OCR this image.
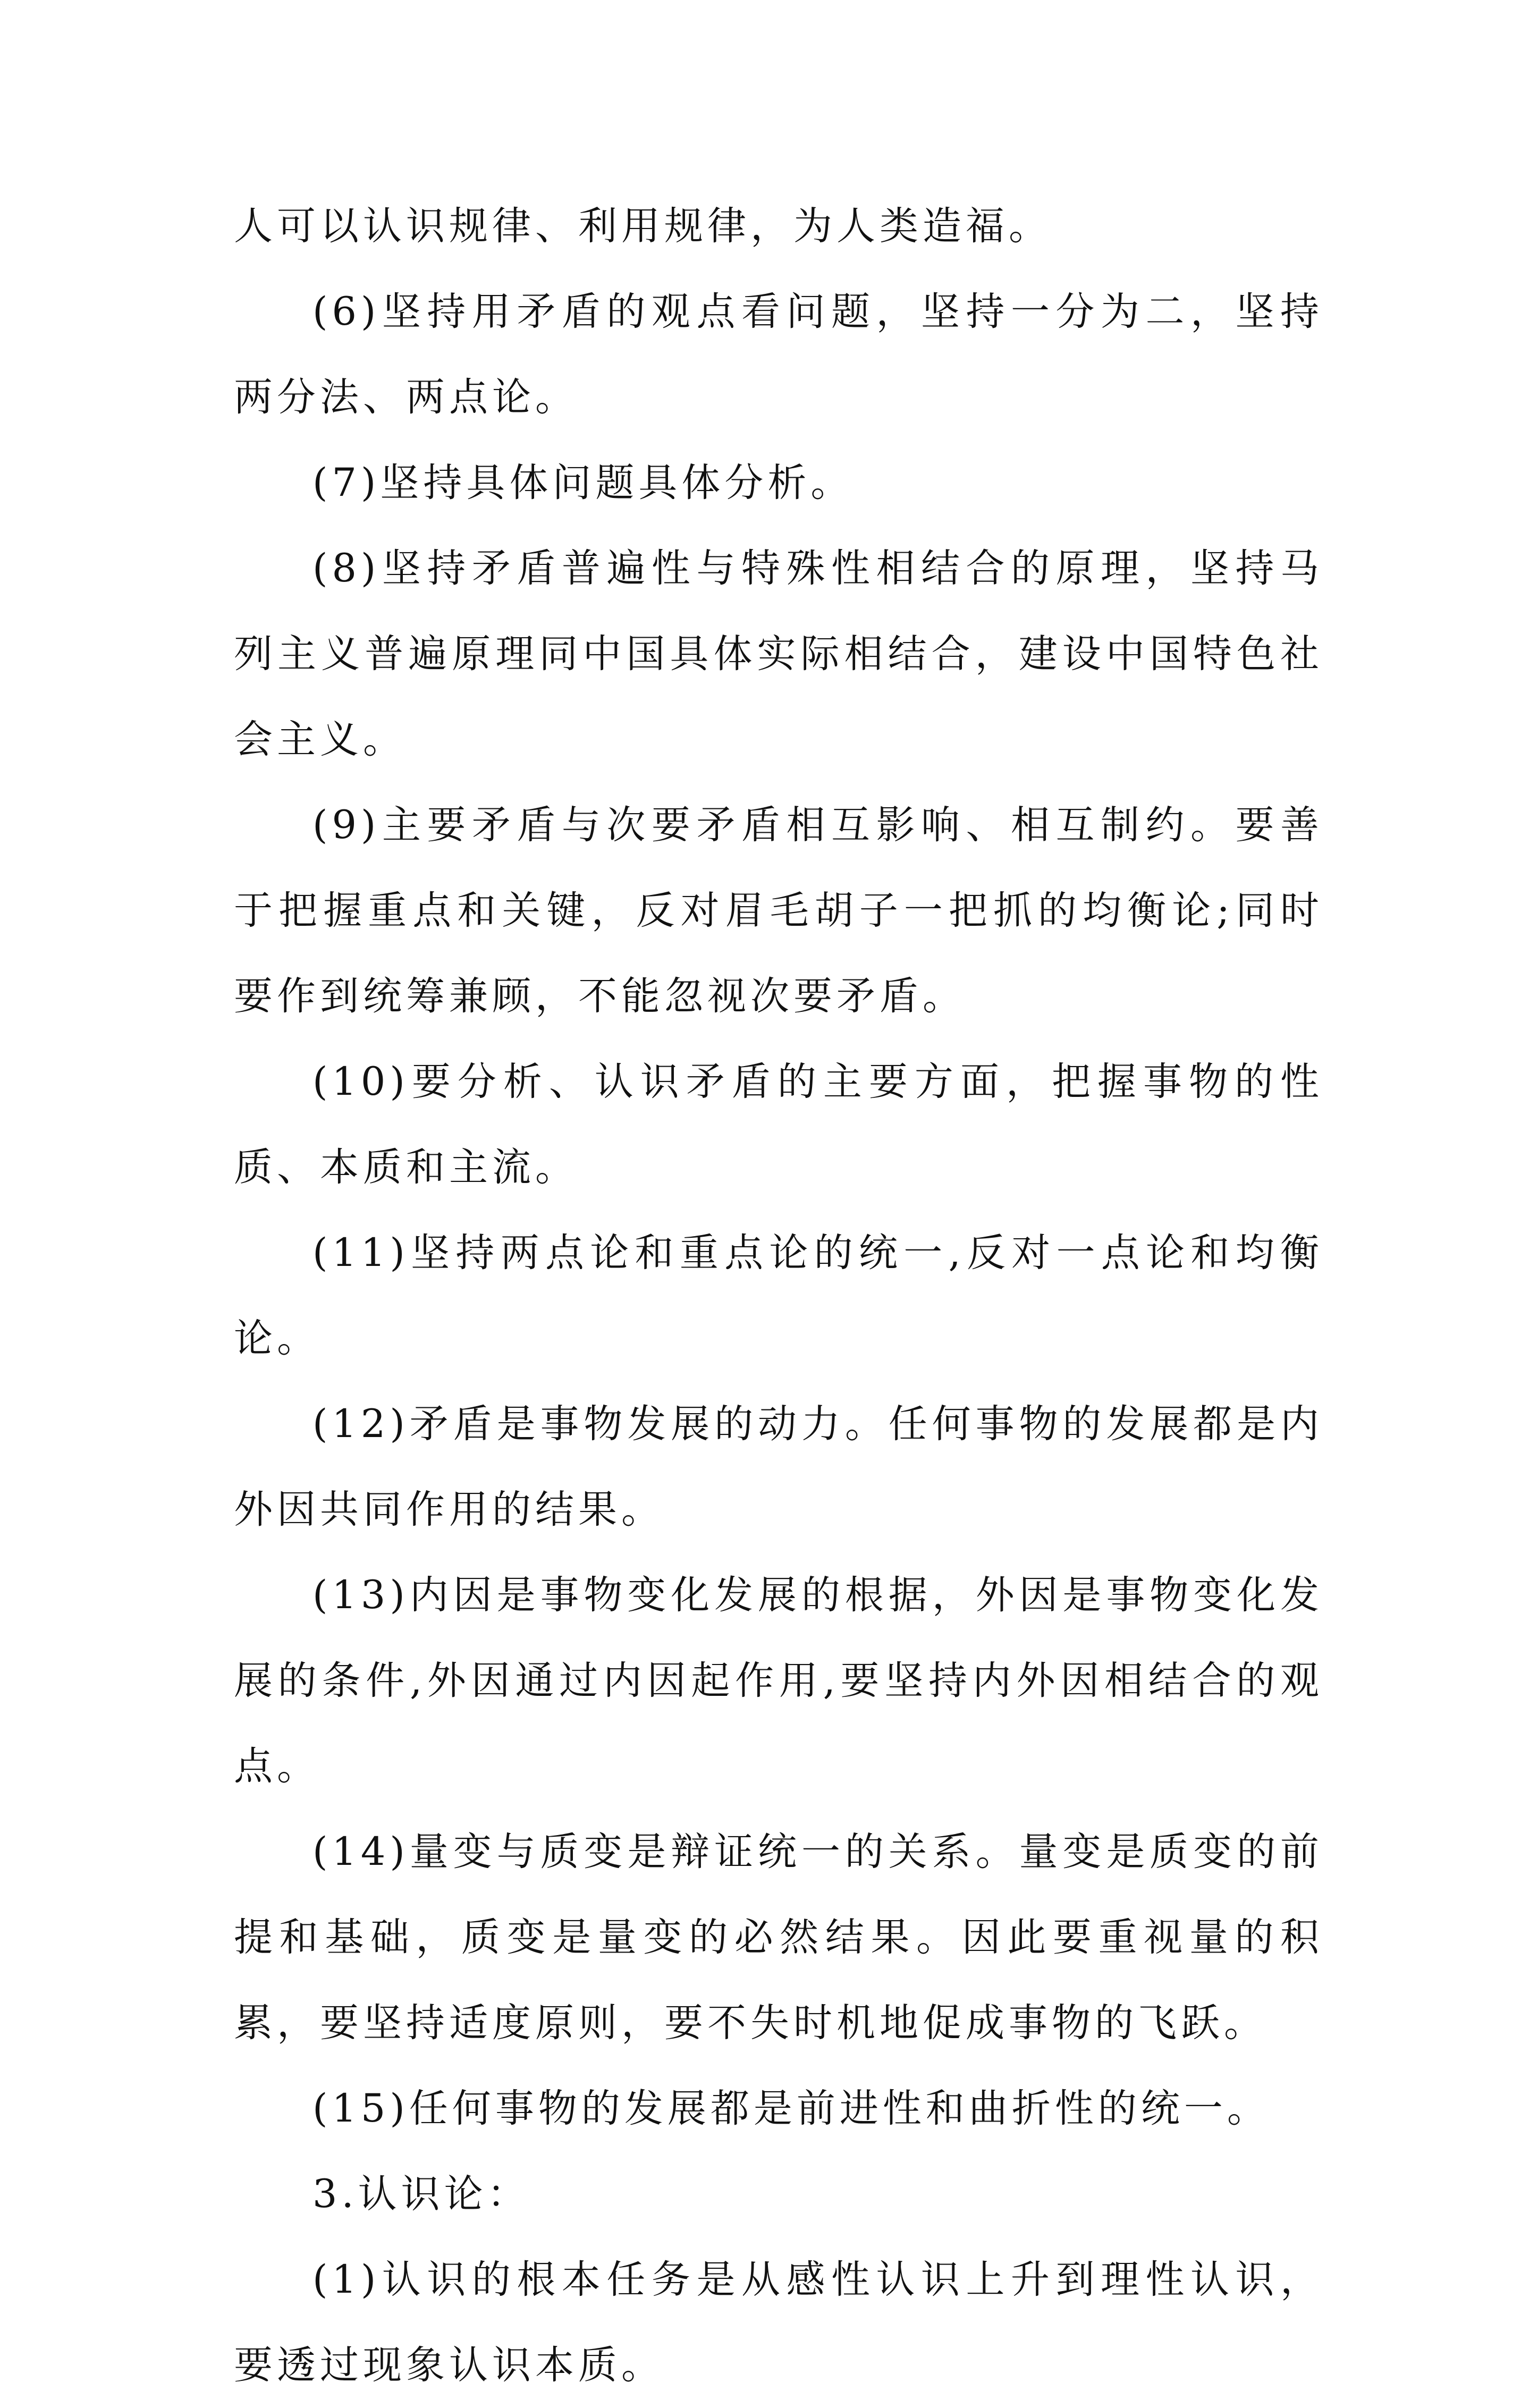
人可以认识规律、利用规律，为人类造福。

(6)坚持用矛盾的观点看问题，坚持一分为二，坚持两分法、两点论。

(7)坚持具体问题具体分析。

(8)坚持矛盾普遍性与特殊性相结合的原理，坚持马列主义普遍原理同中国具体实际相结合，建设中国特色社会主义。

(9)主要矛盾与次要矛盾相互影响、相互制约。要善于把握重点和关键，反对眉毛胡子一把抓的均衡论;同时要作到统筹兼顾，不能忽视次要矛盾。

(10)要分析、认识矛盾的主要方面，把握事物的性质、本质和主流。

(11)坚持两点论和重点论的统一,反对一点论和均衡论。

(12)矛盾是事物发展的动力。任何事物的发展都是内外因共同作用的结果。

(13)内因是事物变化发展的根据，外因是事物变化发展的条件,外因通过内因起作用,要坚持内外因相结合的观点。

(14)量变与质变是辩证统一的关系。量变是质变的前提和基础，质变是量变的必然结果。因此要重视量的积累，要坚持适度原则，要不失时机地促成事物的飞跃。

(15)任何事物的发展都是前进性和曲折性的统一。

3.认识论：

(1)认识的根本任务是从感性认识上升到理性认识，要透过现象认识本质。
